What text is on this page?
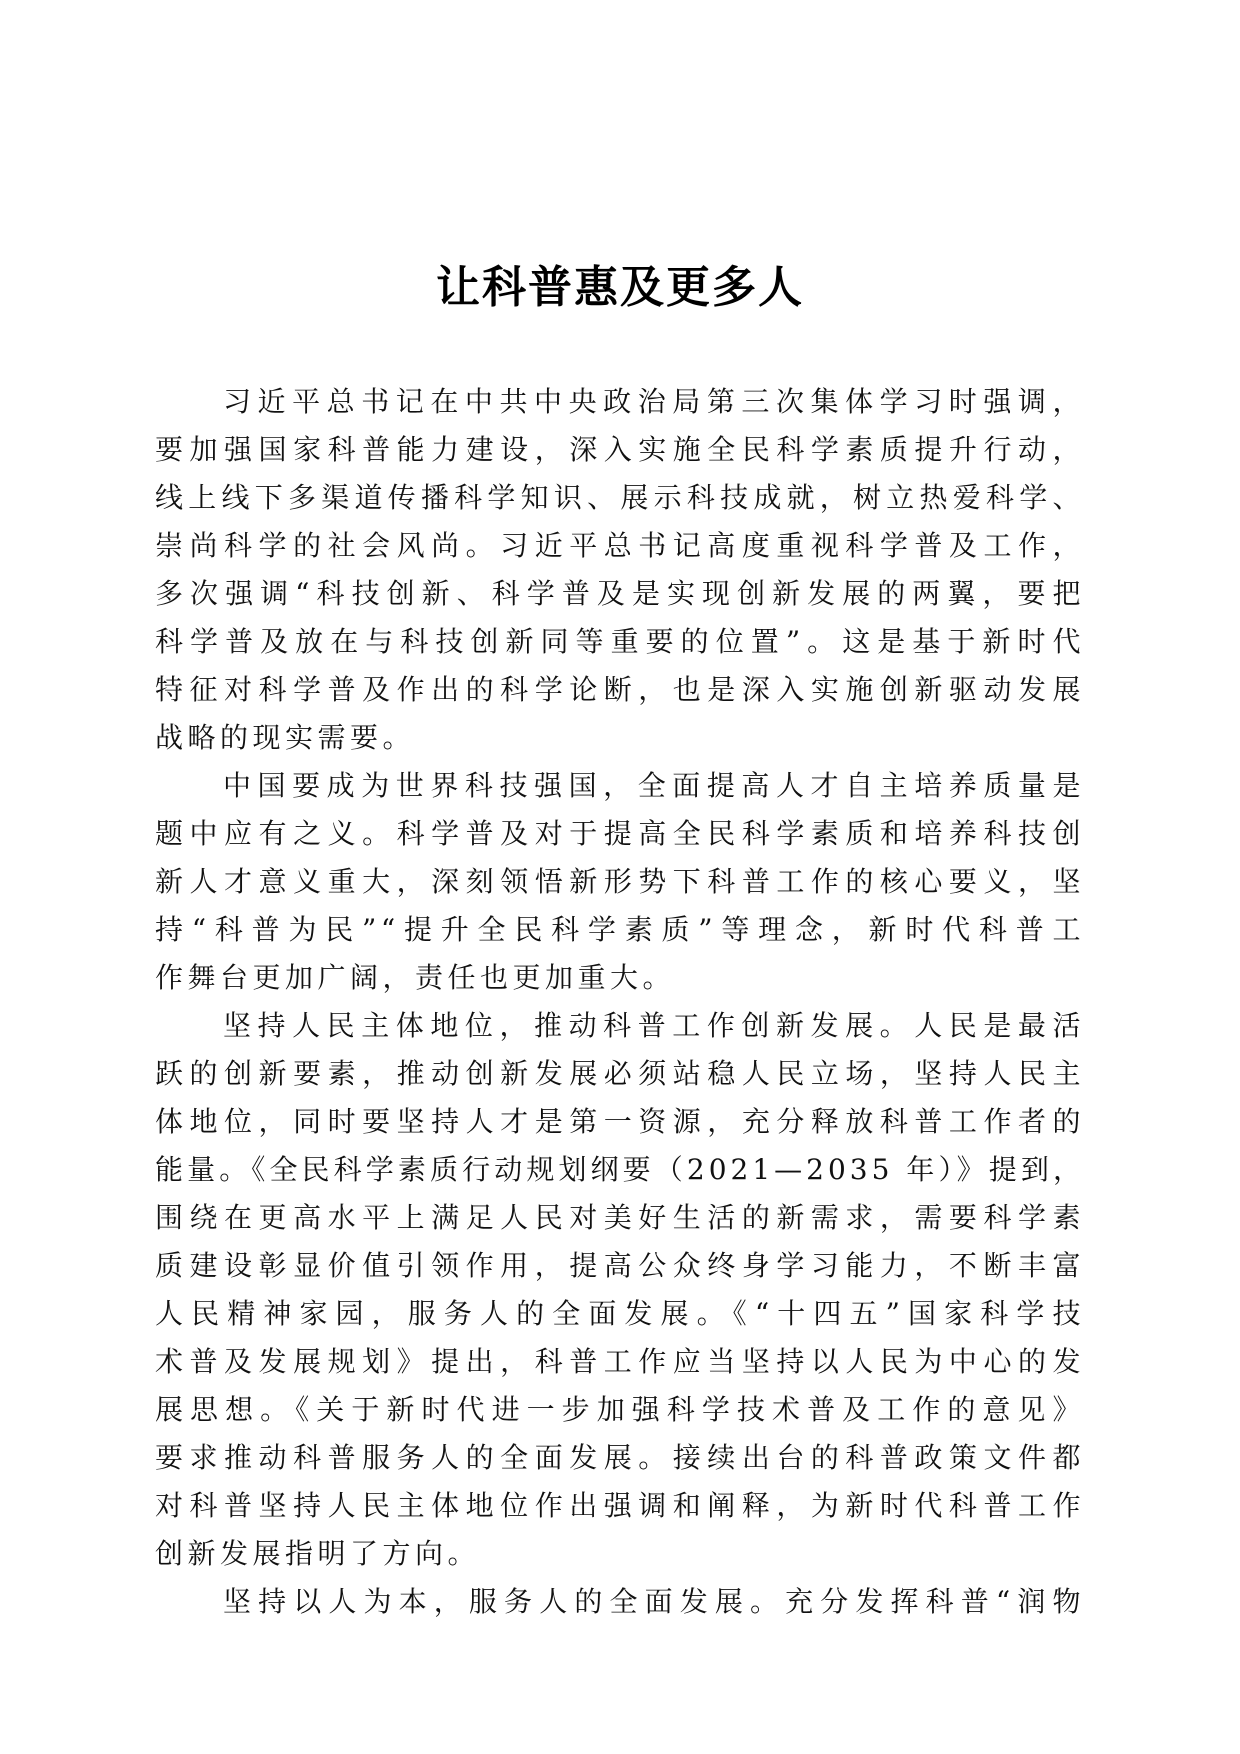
让科普惠及更多人
习近平总书记在中共中央政治局第三次集体学习时强调，
要加强国家科普能力建设，深入实施全民科学素质提升行动，
线上线下多渠道传播科学知识、展示科技成就，树立热爱科学、
崇尚科学的社会风尚。习近平总书记高度重视科学普及工作，
多次强调“科技创新、科学普及是实现创新发展的两翼，要把
科学普及放在与科技创新同等重要的位置”。这是基于新时代
特征对科学普及作出的科学论断，也是深入实施创新驱动发展
战略的现实需要。
中国要成为世界科技强国，全面提高人才自主培养质量是
题中应有之义。科学普及对于提高全民科学素质和培养科技创
新人才意义重大，深刻领悟新形势下科普工作的核心要义，坚
持“科普为民”“提升全民科学素质”等理念，新时代科普工
作舞台更加广阔，责任也更加重大。
坚持人民主体地位，推动科普工作创新发展。人民是最活
跃的创新要素，推动创新发展必须站稳人民立场，坚持人民主
体地位，同时要坚持人才是第一资源，充分释放科普工作者的
能量。《全民科学素质行动规划纲要（2021—2035 年）》提到，
围绕在更高水平上满足人民对美好生活的新需求，需要科学素
质建设彰显价值引领作用，提高公众终身学习能力，不断丰富
人民精神家园，服务人的全面发展。《“十四五”国家科学技
术普及发展规划》提出，科普工作应当坚持以人民为中心的发
展思想。《关于新时代进一步加强科学技术普及工作的意见》
要求推动科普服务人的全面发展。接续出台的科普政策文件都
对科普坚持人民主体地位作出强调和阐释，为新时代科普工作
创新发展指明了方向。
坚持以人为本，服务人的全面发展。充分发挥科普“润物
